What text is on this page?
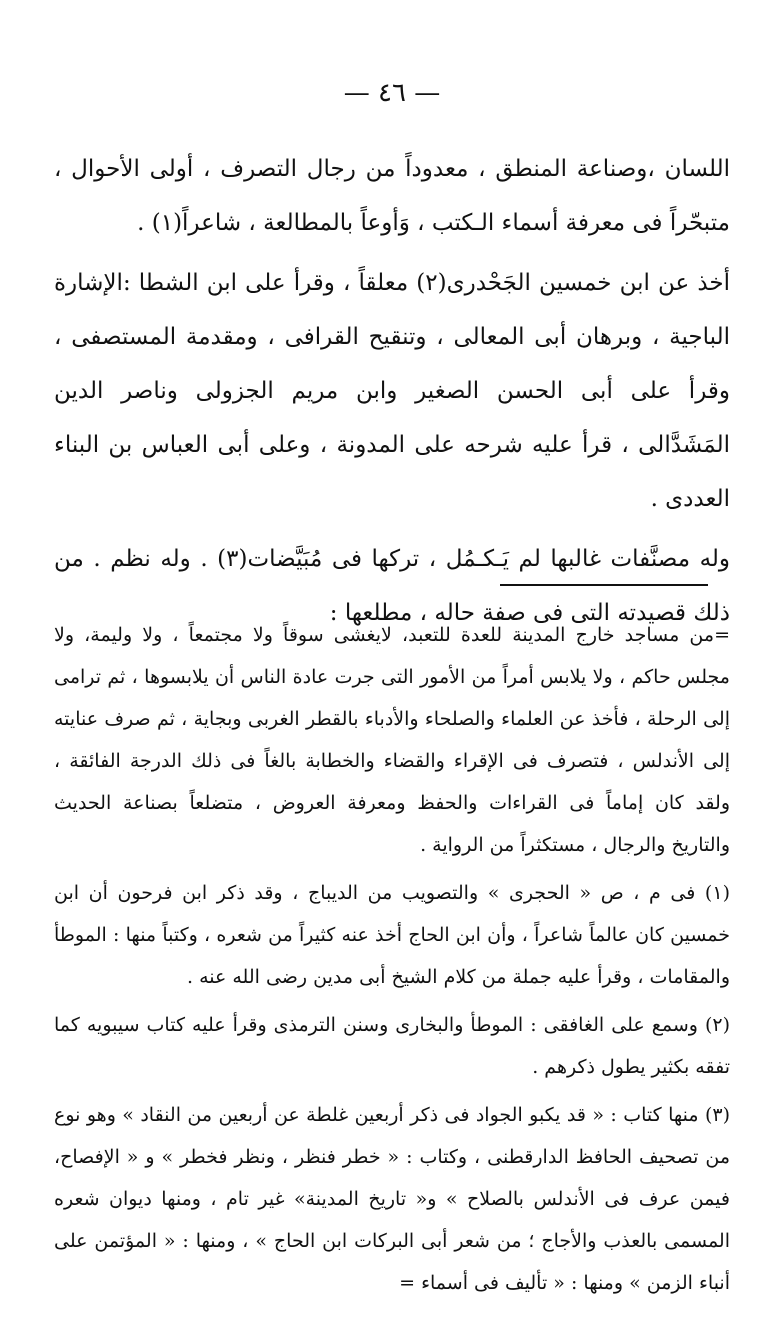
— ٤٦ —

اللسان ،وصناعة المنطق ، معدوداً من رجال التصرف ، أولى الأحوال ، متبحّراً فى معرفة أسماء الـكتب ، وَأوعاً بالمطالعة ، شاعراً(١) .

أخذ عن ابن خمسين الجَحْدرى(٢) معلقاً ، وقرأ على ابن الشطا :الإشارة الباجية ، وبرهان أبى المعالى ، وتنقيح القرافى ، ومقدمة المستصفى ، وقرأ على أبى الحسن الصغير وابن مريم الجزولى وناصر الدين المَشَدَّالى ، قرأ عليه شرحه على المدونة ، وعلى أبى العباس بن البناء العددى .

وله مصنَّفات غالبها لم يَـكـمُل ، تركها فى مُبَيَّضات(٣) . وله نظم . من ذلك قصيدته التى فى صفة حاله ، مطلعها :

=من مساجد خارج المدينة للعدة للتعبد، لايغشى سوقاً ولا مجتمعاً ، ولا وليمة، ولا مجلس حاكم ، ولا يلابس أمراً من الأمور التى جرت عادة الناس أن يلابسوها ، ثم ترامى إلى الرحلة ، فأخذ عن العلماء والصلحاء والأدباء بالقطر الغربى وبجاية ، ثم صرف عنايته إلى الأندلس ، فتصرف فى الإقراء والقضاء والخطابة بالغاً فى ذلك الدرجة الفائقة ، ولقد كان إماماً فى القراءات والحفظ ومعرفة العروض ، متضلعاً بصناعة الحديث والتاريخ والرجال ، مستكثراً من الرواية .

(١) فى م ، ص « الحجرى » والتصويب من الديباج ، وقد ذكر ابن فرحون أن ابن خمسين كان عالماً شاعراً ، وأن ابن الحاج أخذ عنه كثيراً من شعره ، وكتباً منها : الموطأ والمقامات ، وقرأ عليه جملة من كلام الشيخ أبى مدين رضى الله عنه .

(٢) وسمع على الغافقى : الموطأ والبخارى وسنن الترمذى وقرأ عليه كتاب سيبويه كما تفقه بكثير يطول ذكرهم .

(٣) منها كتاب : « قد يكبو الجواد فى ذكر أربعين غلطة عن أربعين من النقاد » وهو نوع من تصحيف الحافظ الدارقطنى ، وكتاب : « خطر فنظر ، ونظر فخطر » و « الإفصاح، فيمن عرف فى الأندلس بالصلاح » و« تاريخ المدينة» غير تام ، ومنها ديوان شعره المسمى بالعذب والأجاج ؛ من شعر أبى البركات ابن الحاج » ، ومنها : « المؤتمن على أنباء الزمن » ومنها : « تأليف فى أسماء =
